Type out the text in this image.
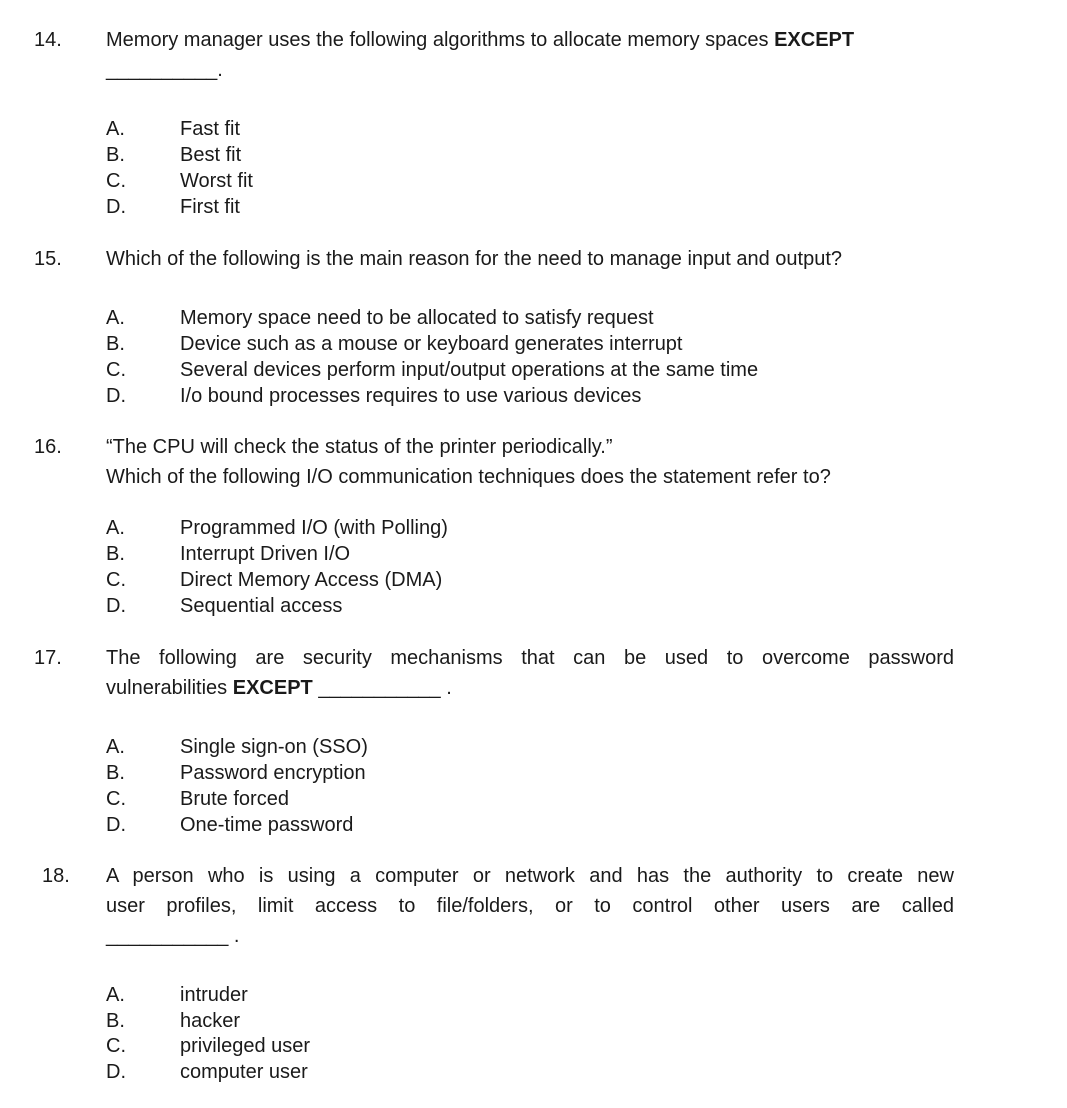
14. Memory manager uses the following algorithms to allocate memory spaces EXCEPT
__________.
A.	Fast fit
B.	Best fit
C.	Worst fit
D.	First fit
15. Which of the following is the main reason for the need to manage input and output?
A.	Memory space need to be allocated to satisfy request
B.	Device such as a mouse or keyboard generates interrupt
C.	Several devices perform input/output operations at the same time
D.	I/o bound processes requires to use various devices
16. “The CPU will check the status of the printer periodically.”
Which of the following I/O communication techniques does the statement refer to?
A.	Programmed I/O (with Polling)
B.	Interrupt Driven I/O
C.	Direct Memory Access (DMA)
D.	Sequential access
17. The following are security mechanisms that can be used to overcome password
vulnerabilities EXCEPT ___________ .
A.	Single sign-on (SSO)
B.	Password encryption
C.	Brute forced
D.	One-time password
18. A person who is using a computer or network and has the authority to create new
user profiles, limit access to file/folders, or to control other users are called
___________ .
A.	intruder
B.	hacker
C.	privileged user
D.	computer user
